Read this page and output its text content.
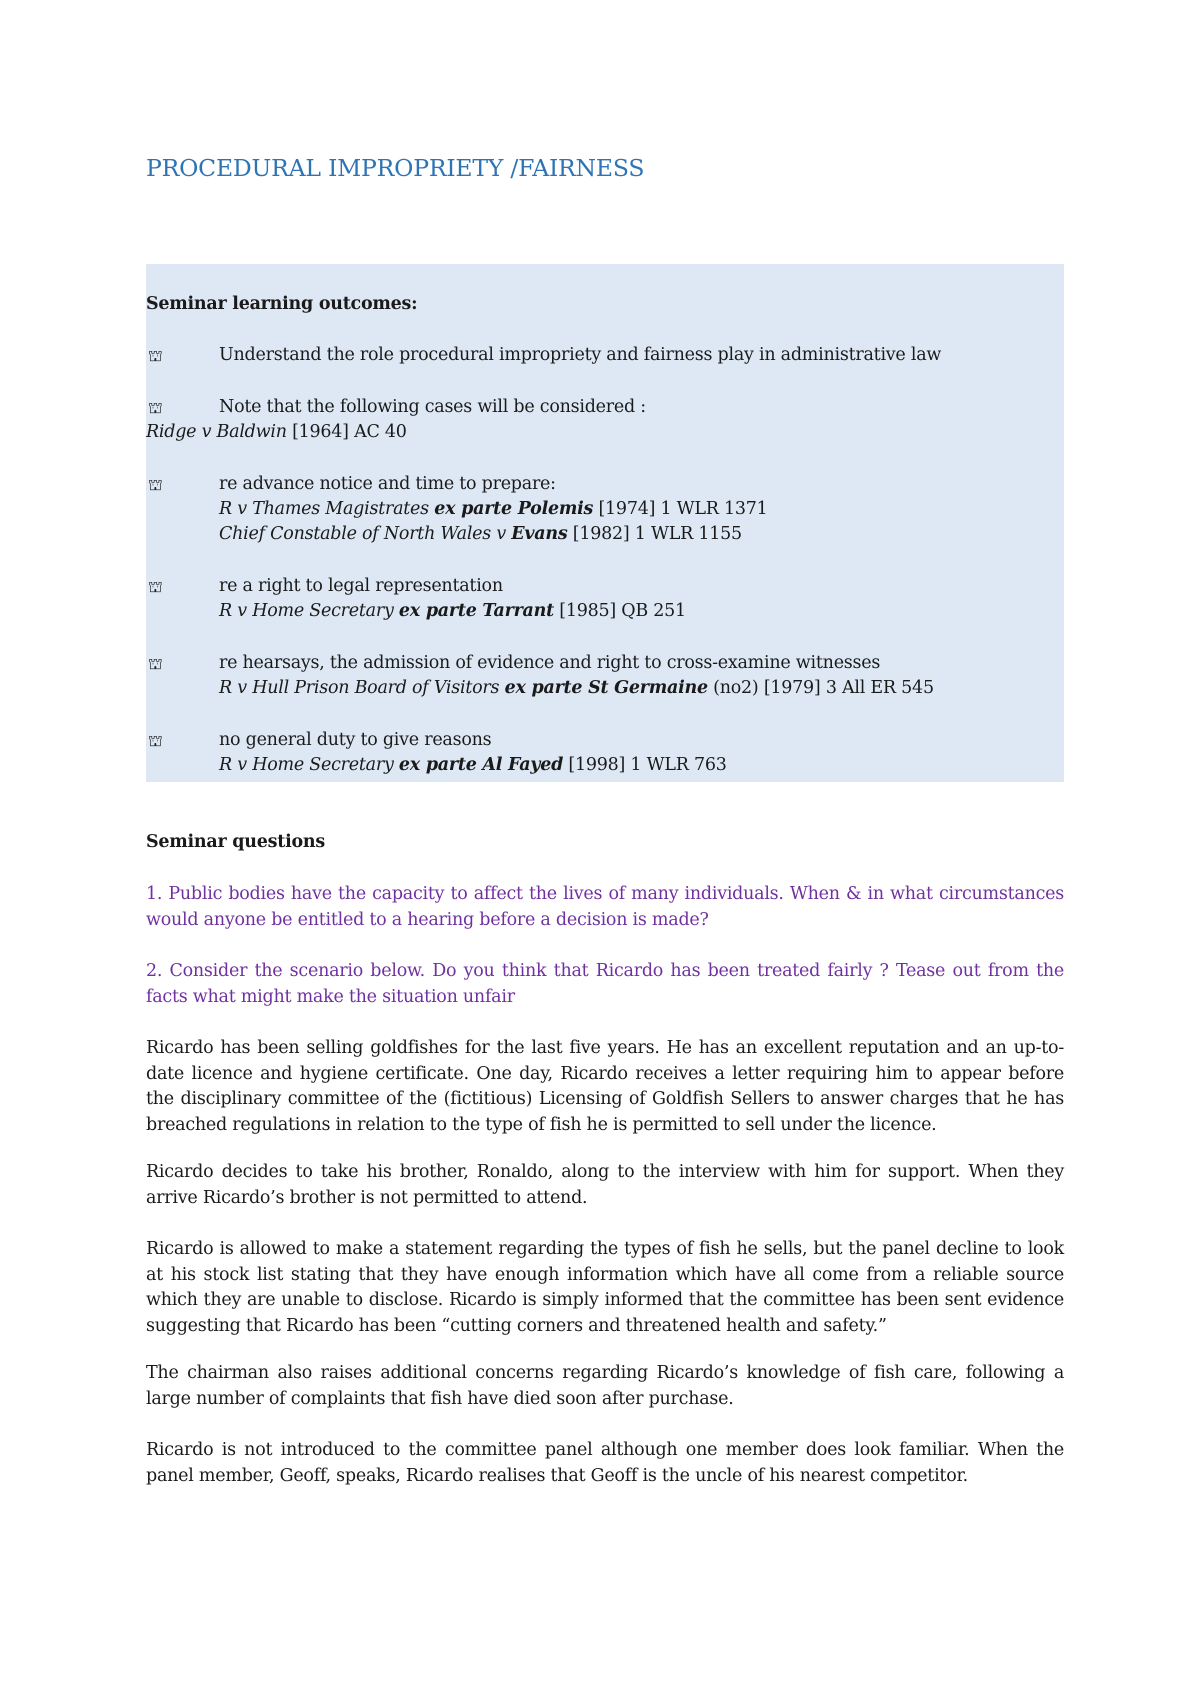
PROCEDURAL IMPROPRIETY /FAIRNESS
Seminar learning outcomes:
⛫	Understand the role procedural impropriety and fairness play in administrative law
⛫	Note that the following cases will be considered :
Ridge v Baldwin [1964] AC 40
⛫	re advance notice and time to prepare:
R v Thames Magistrates ex parte Polemis [1974] 1 WLR 1371
Chief Constable of North Wales v Evans [1982] 1 WLR 1155
⛫	re a right to legal representation
R v Home Secretary ex parte Tarrant [1985] QB 251
⛫	re hearsays, the admission of evidence and right to cross-examine witnesses
R v Hull Prison Board of Visitors ex parte St Germaine (no2) [1979] 3 All ER 545
⛫	no general duty to give reasons
R v Home Secretary ex parte Al Fayed [1998] 1 WLR 763
Seminar questions
1. Public bodies have the capacity to affect the lives of many individuals. When & in what circumstances would anyone be entitled to a hearing before a decision is made?
2. Consider the scenario below. Do you think that Ricardo has been treated fairly ? Tease out from the facts what might make the situation unfair
Ricardo has been selling goldfishes for the last five years. He has an excellent reputation and an up-to-date licence and hygiene certificate. One day, Ricardo receives a letter requiring him to appear before the disciplinary committee of the (fictitious) Licensing of Goldfish Sellers to answer charges that he has breached regulations in relation to the type of fish he is permitted to sell under the licence.
Ricardo decides to take his brother, Ronaldo, along to the interview with him for support. When they arrive Ricardo’s brother is not permitted to attend.
Ricardo is allowed to make a statement regarding the types of fish he sells, but the panel decline to look at his stock list stating that they have enough information which have all come from a reliable source which they are unable to disclose. Ricardo is simply informed that the committee has been sent evidence suggesting that Ricardo has been “cutting corners and threatened health and safety.”
The chairman also raises additional concerns regarding Ricardo’s knowledge of fish care, following a large number of complaints that fish have died soon after purchase.
Ricardo is not introduced to the committee panel although one member does look familiar. When the panel member, Geoff, speaks, Ricardo realises that Geoff is the uncle of his nearest competitor.
